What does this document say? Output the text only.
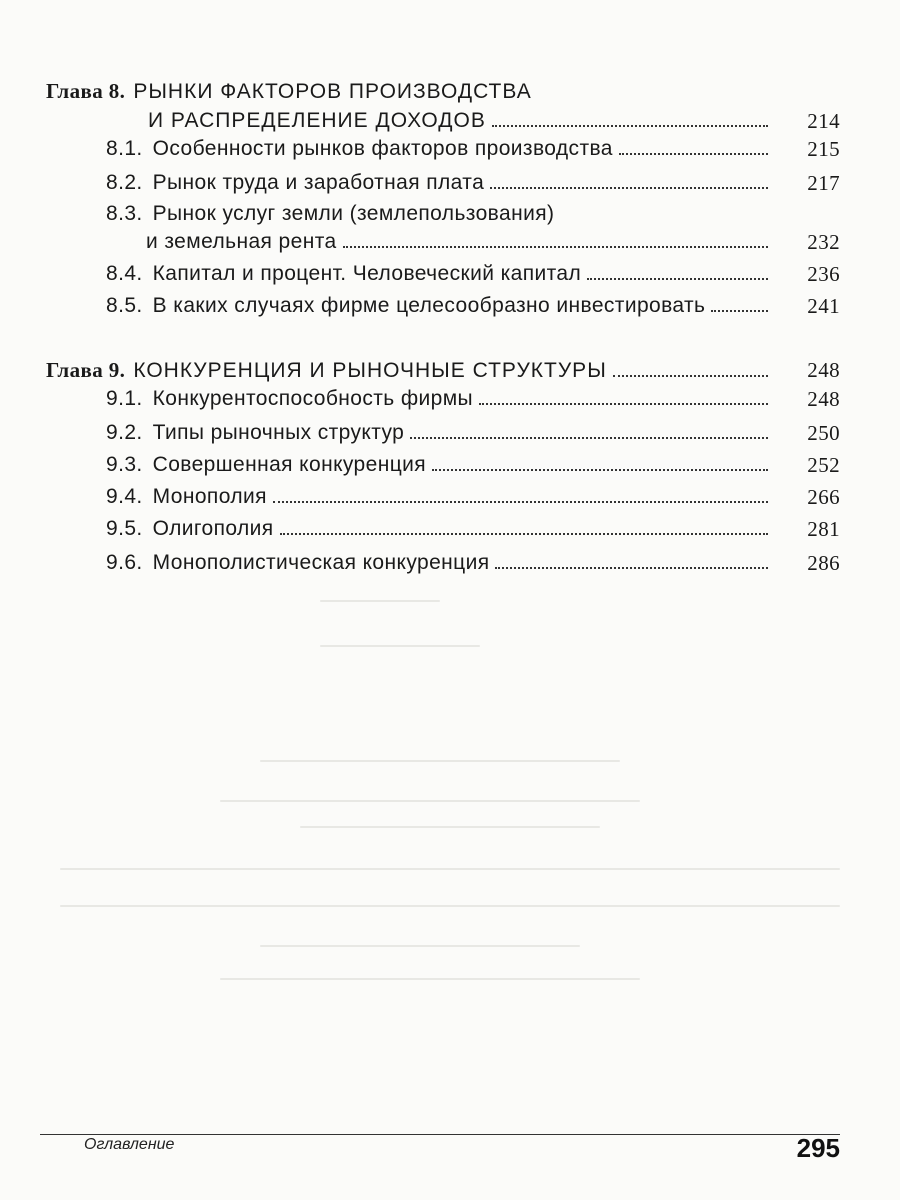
Глава 8. РЫНКИ ФАКТОРОВ ПРОИЗВОДСТВА
И РАСПРЕДЕЛЕНИЕ ДОХОДОВ	214
8.1. Особенности рынков факторов производства	215
8.2. Рынок труда и заработная плата	217
8.3. Рынок услуг земли (землепользования)
и земельная рента	232
8.4. Капитал и процент. Человеческий капитал	236
8.5. В каких случаях фирме целесообразно инвестировать	241
Глава 9. КОНКУРЕНЦИЯ И РЫНОЧНЫЕ СТРУКТУРЫ	248
9.1. Конкурентоспособность фирмы	248
9.2. Типы рыночных структур	250
9.3. Совершенная конкуренция	252
9.4. Монополия	266
9.5. Олигополия	281
9.6. Монополистическая конкуренция	286
Оглавление	295
